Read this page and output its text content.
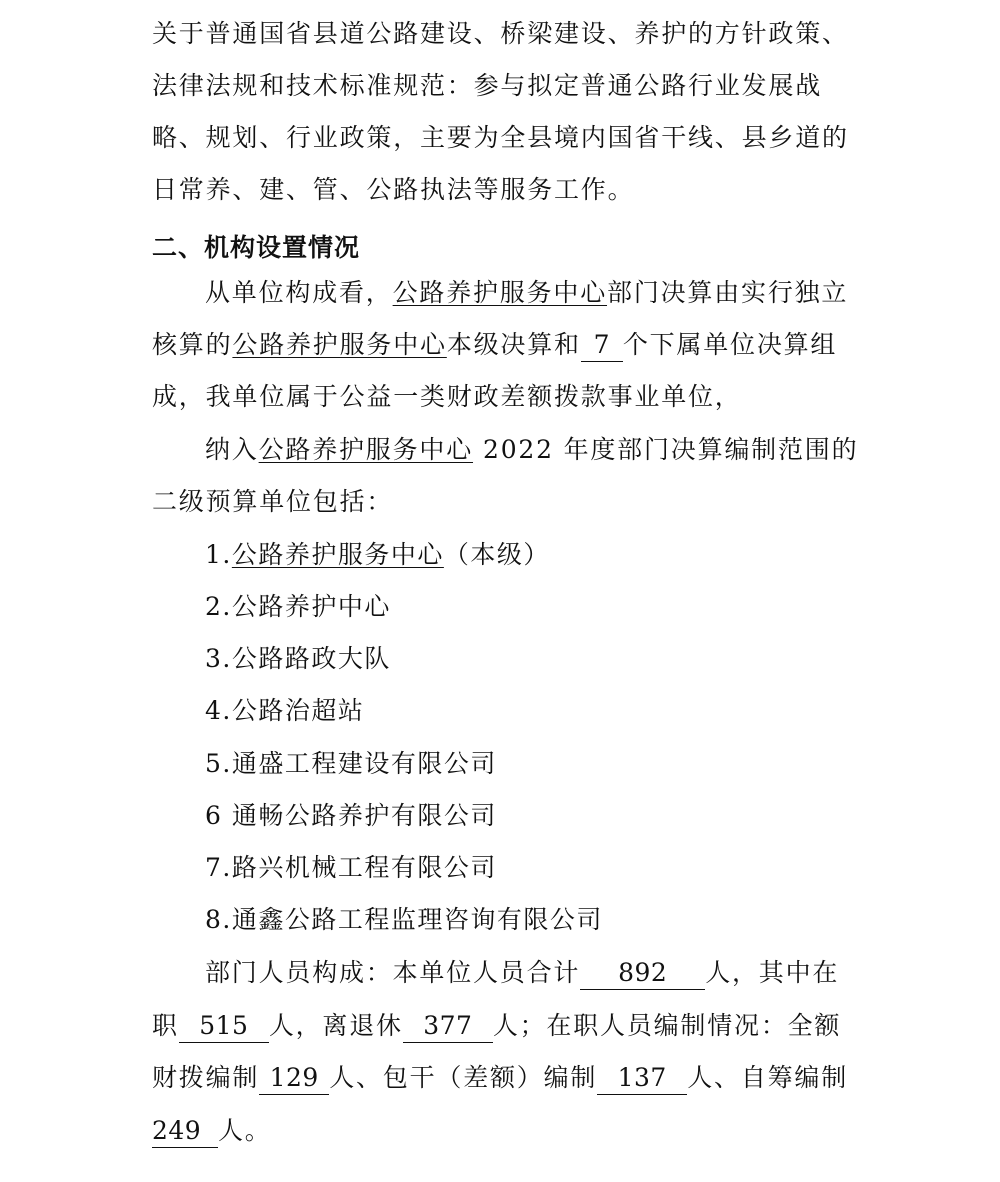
关于普通国省县道公路建设、桥梁建设、养护的方针政策、
法律法规和技术标准规范：参与拟定普通公路行业发展战
略、规划、行业政策，主要为全县境内国省干线、县乡道的
日常养、建、管、公路执法等服务工作。
二、机构设置情况
从单位构成看，公路养护服务中心部门决算由实行独立
核算的公路养护服务中心本级决算和 7 个下属单位决算组
成，我单位属于公益一类财政差额拨款事业单位，
纳入公路养护服务中心 2022 年度部门决算编制范围的
二级预算单位包括：
1.公路养护服务中心（本级）
2.公路养护中心
3.公路路政大队
4.公路治超站
5.通盛工程建设有限公司
6 通畅公路养护有限公司
7.路兴机械工程有限公司
8.通鑫公路工程监理咨询有限公司
部门人员构成：本单位人员合计 892 人，其中在
职 515 人，离退休 377 人；在职人员编制情况：全额
财拨编制 129 人、包干（差额）编制 137 人、自筹编制
249 人。
